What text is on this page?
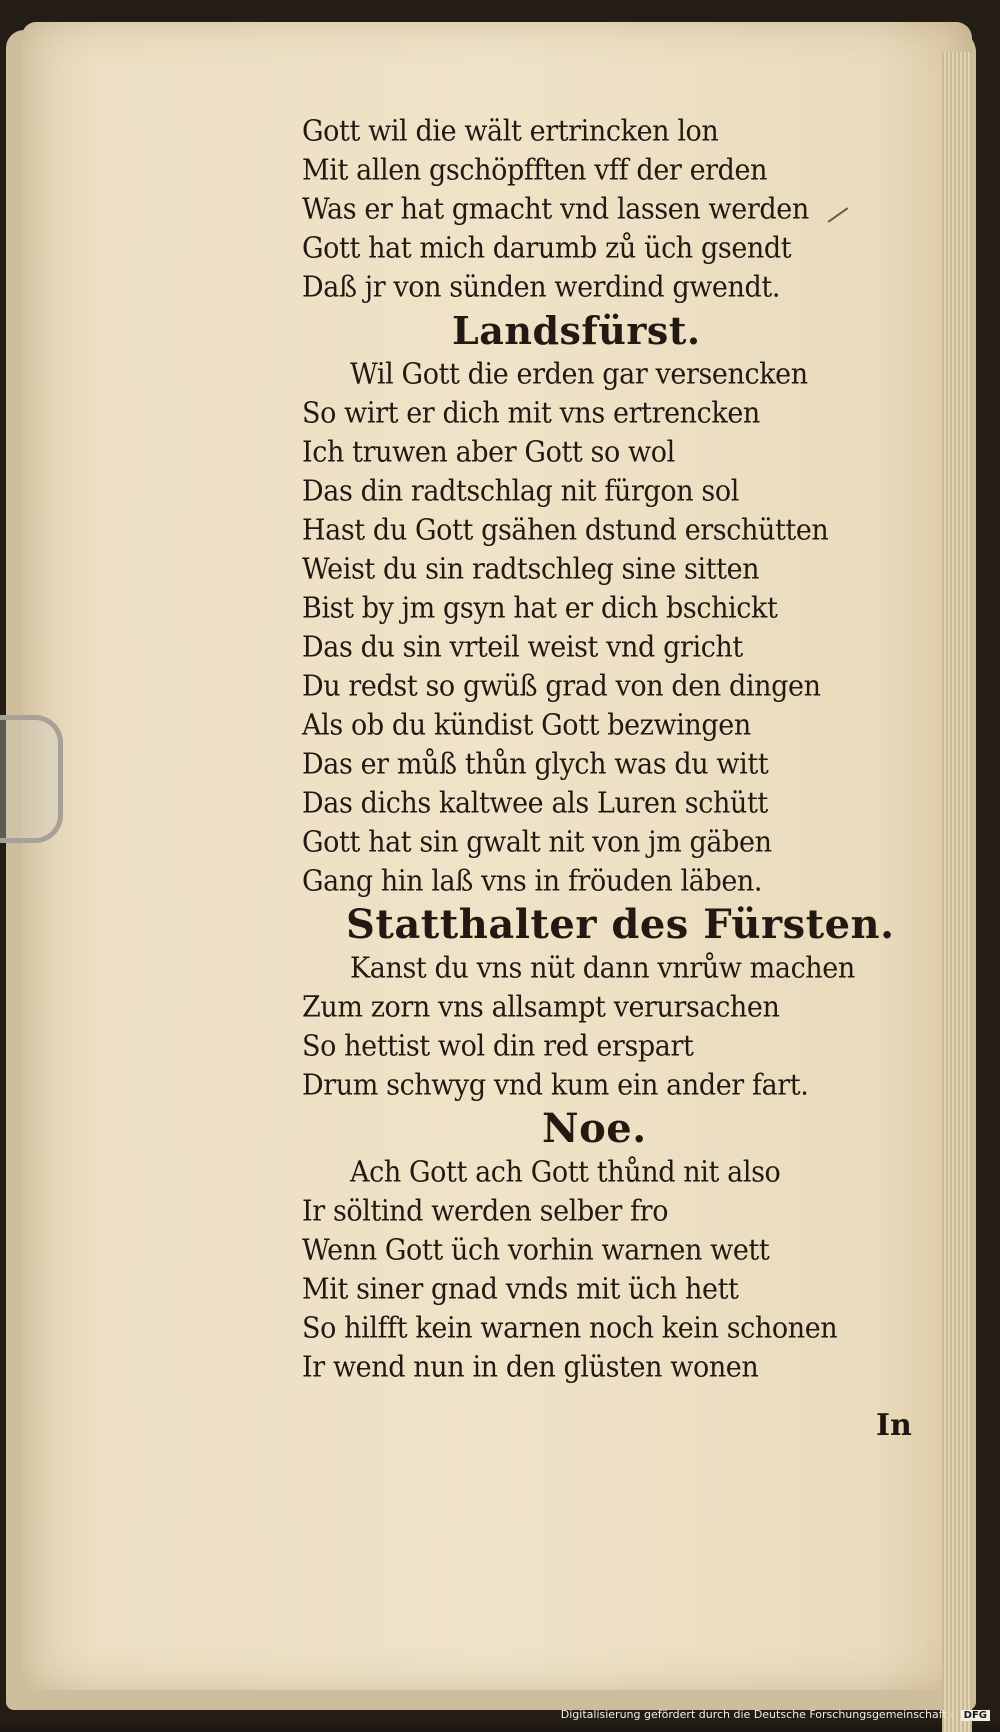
Gott wil die wält ertrincken lon
Mit allen gschöpfften vff der erden
Was er hat gmacht vnd lassen werden
Gott hat mich darumb zů üch gsendt
Daß jr von sünden werdind gwendt.
Landsfürst.
Wil Gott die erden gar versencken
So wirt er dich mit vns ertrencken
Ich truwen aber Gott so wol
Das din radtschlag nit fürgon sol
Hast du Gott gsähen dstund erschütten
Weist du sin radtschleg sine sitten
Bist by jm gsyn hat er dich bschickt
Das du sin vrteil weist vnd gricht
Du redst so gwüß grad von den dingen
Als ob du kündist Gott bezwingen
Das er můß thůn glych was du witt
Das dichs kaltwee als Luren schütt
Gott hat sin gwalt nit von jm gäben
Gang hin laß vns in fröuden läben.
Statthalter des Fürsten.
Kanst du vns nüt dann vnrůw machen
Zum zorn vns allsampt verursachen
So hettist wol din red erspart
Drum schwyg vnd kum ein ander fart.
Noe.
Ach Gott ach Gott thůnd nit also
Ir söltind werden selber fro
Wenn Gott üch vorhin warnen wett
Mit siner gnad vnds mit üch hett
So hilfft kein warnen noch kein schonen
Ir wend nun in den glüsten wonen
In
Digitalisierung gefördert durch die Deutsche Forschungsgemeinschaft - DFG
